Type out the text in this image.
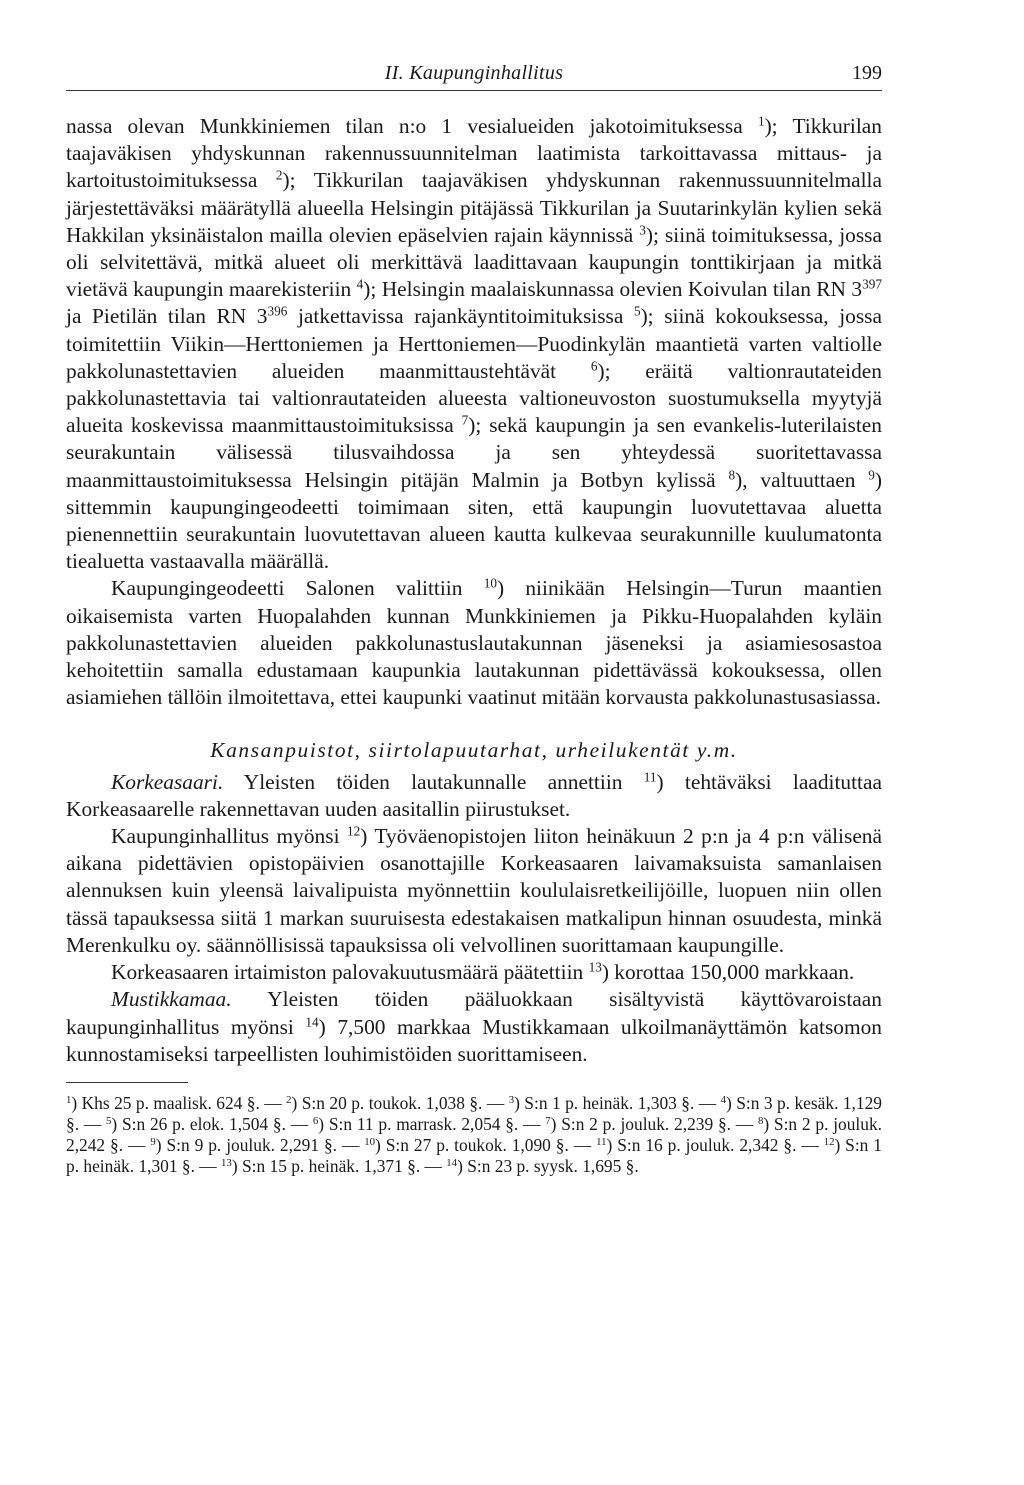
II. Kaupunginhallitus	199

nassa olevan Munkkiniemen tilan n:o 1 vesialueiden jakotoimituksessa $^1$); Tikkurilan taajaväkisen yhdyskunnan rakennussuunnitelman laatimista tarkoittavassa mittaus- ja kartoitustoimituksessa $^2$); Tikkurilan taajaväkisen yhdyskunnan rakennussuunnitelmalla järjestettäväksi määrätyllä alueella Helsingin pitäjässä Tikkurilan ja Suutarinkylän kylien sekä Hakkilan yksinäistalon mailla olevien epäselvien rajain käynnissä $^3$); siinä toimituksessa, jossa oli selvitettävä, mitkä alueet oli merkittävä laadittavaan kaupungin tonttikirjaan ja mitkä vietävä kaupungin maarekisteriin $^4$); Helsingin maalaiskunnassa olevien Koivulan tilan RN $3^{397}$ ja Pietilän tilan RN $3^{396}$ jatkettavissa rajankäyntitoimituksissa $^5$); siinä kokouksessa, jossa toimitettiin Viikin—Herttoniemen ja Herttoniemen—Puodinkylän maantietä varten valtiolle pakkolunastettavien alueiden maanmittaustehtävät $^6$); eräitä valtionrautateiden pakkolunastettavia tai valtionrautateiden alueesta valtioneuvoston suostumuksella myytyjä alueita koskevissa maanmittaustoimituksissa $^7$); sekä kaupungin ja sen evankelis-luterilaisten seurakuntain välisessä tilusvaihdossa ja sen yhteydessä suoritettavassa maanmittaustoimituksessa Helsingin pitäjän Malmin ja Botbyn kylissä $^8$), valtuuttaen $^9$) sittemmin kaupungingeodeetti toimimaan siten, että kaupungin luovutettavaa aluetta pienennettiin seurakuntain luovutettavan alueen kautta kulkevaa seurakunnille kuulumatonta tiealuetta vastaavalla määrällä.

Kaupungingeodeetti Salonen valittiin $^{10}$) niinikään Helsingin—Turun maantien oikaisemista varten Huopalahden kunnan Munkkiniemen ja Pikku-Huopalahden kyläin pakkolunastettavien alueiden pakkolunastuslautakunnan jäseneksi ja asiamiesosastoa kehoitettiin samalla edustamaan kaupunkia lautakunnan pidettävässä kokouksessa, ollen asiamiehen tällöin ilmoitettava, ettei kaupunki vaatinut mitään korvausta pakkolunastusasiassa.

Kansanpuistot, siirtolapuutarhat, urheilukentät y.m.

Korkeasaari. Yleisten töiden lautakunnalle annettiin $^{11}$) tehtäväksi laadituttaa Korkeasaarelle rakennettavan uuden aasitallin piirustukset.

Kaupunginhallitus myönsi $^{12}$) Työväenopistojen liiton heinäkuun 2 p:n ja 4 p:n välisenä aikana pidettävien opistopäivien osanottajille Korkeasaaren laivamaksuista samanlaisen alennuksen kuin yleensä laivalipuista myönnettiin koululaisretkeilijöille, luopuen niin ollen tässä tapauksessa siitä 1 markan suuruisesta edestakaisen matkalipun hinnan osuudesta, minkä Merenkulku oy. säännöllisissä tapauksissa oli velvollinen suorittamaan kaupungille.

Korkeasaaren irtaimiston palovakuutusmäärä päätettiin $^{13}$) korottaa 150,000 markkaan.

Mustikkamaa. Yleisten töiden pääluokkaan sisältyvistä käyttövaroistaan kaupunginhallitus myönsi $^{14}$) 7,500 markkaa Mustikkamaan ulkoilmanäyttämön katsomon kunnostamiseksi tarpeellisten louhimistöiden suorittamiseen.

$^1$) Khs 25 p. maalisk. 624 §. — $^2$) S:n 20 p. toukok. 1,038 §. — $^3$) S:n 1 p. heinäk. 1,303 §. — $^4$) S:n 3 p. kesäk. 1,129 §. — $^5$) S:n 26 p. elok. 1,504 §. — $^6$) S:n 11 p. marrask. 2,054 §. — $^7$) S:n 2 p. jouluk. 2,239 §. — $^8$) S:n 2 p. jouluk. 2,242 §. — $^9$) S:n 9 p. jouluk. 2,291 §. — $^{10}$) S:n 27 p. toukok. 1,090 §. — $^{11}$) S:n 16 p. jouluk. 2,342 §. — $^{12}$) S:n 1 p. heinäk. 1,301 §. — $^{13}$) S:n 15 p. heinäk. 1,371 §. — $^{14}$) S:n 23 p. syysk. 1,695 §.
